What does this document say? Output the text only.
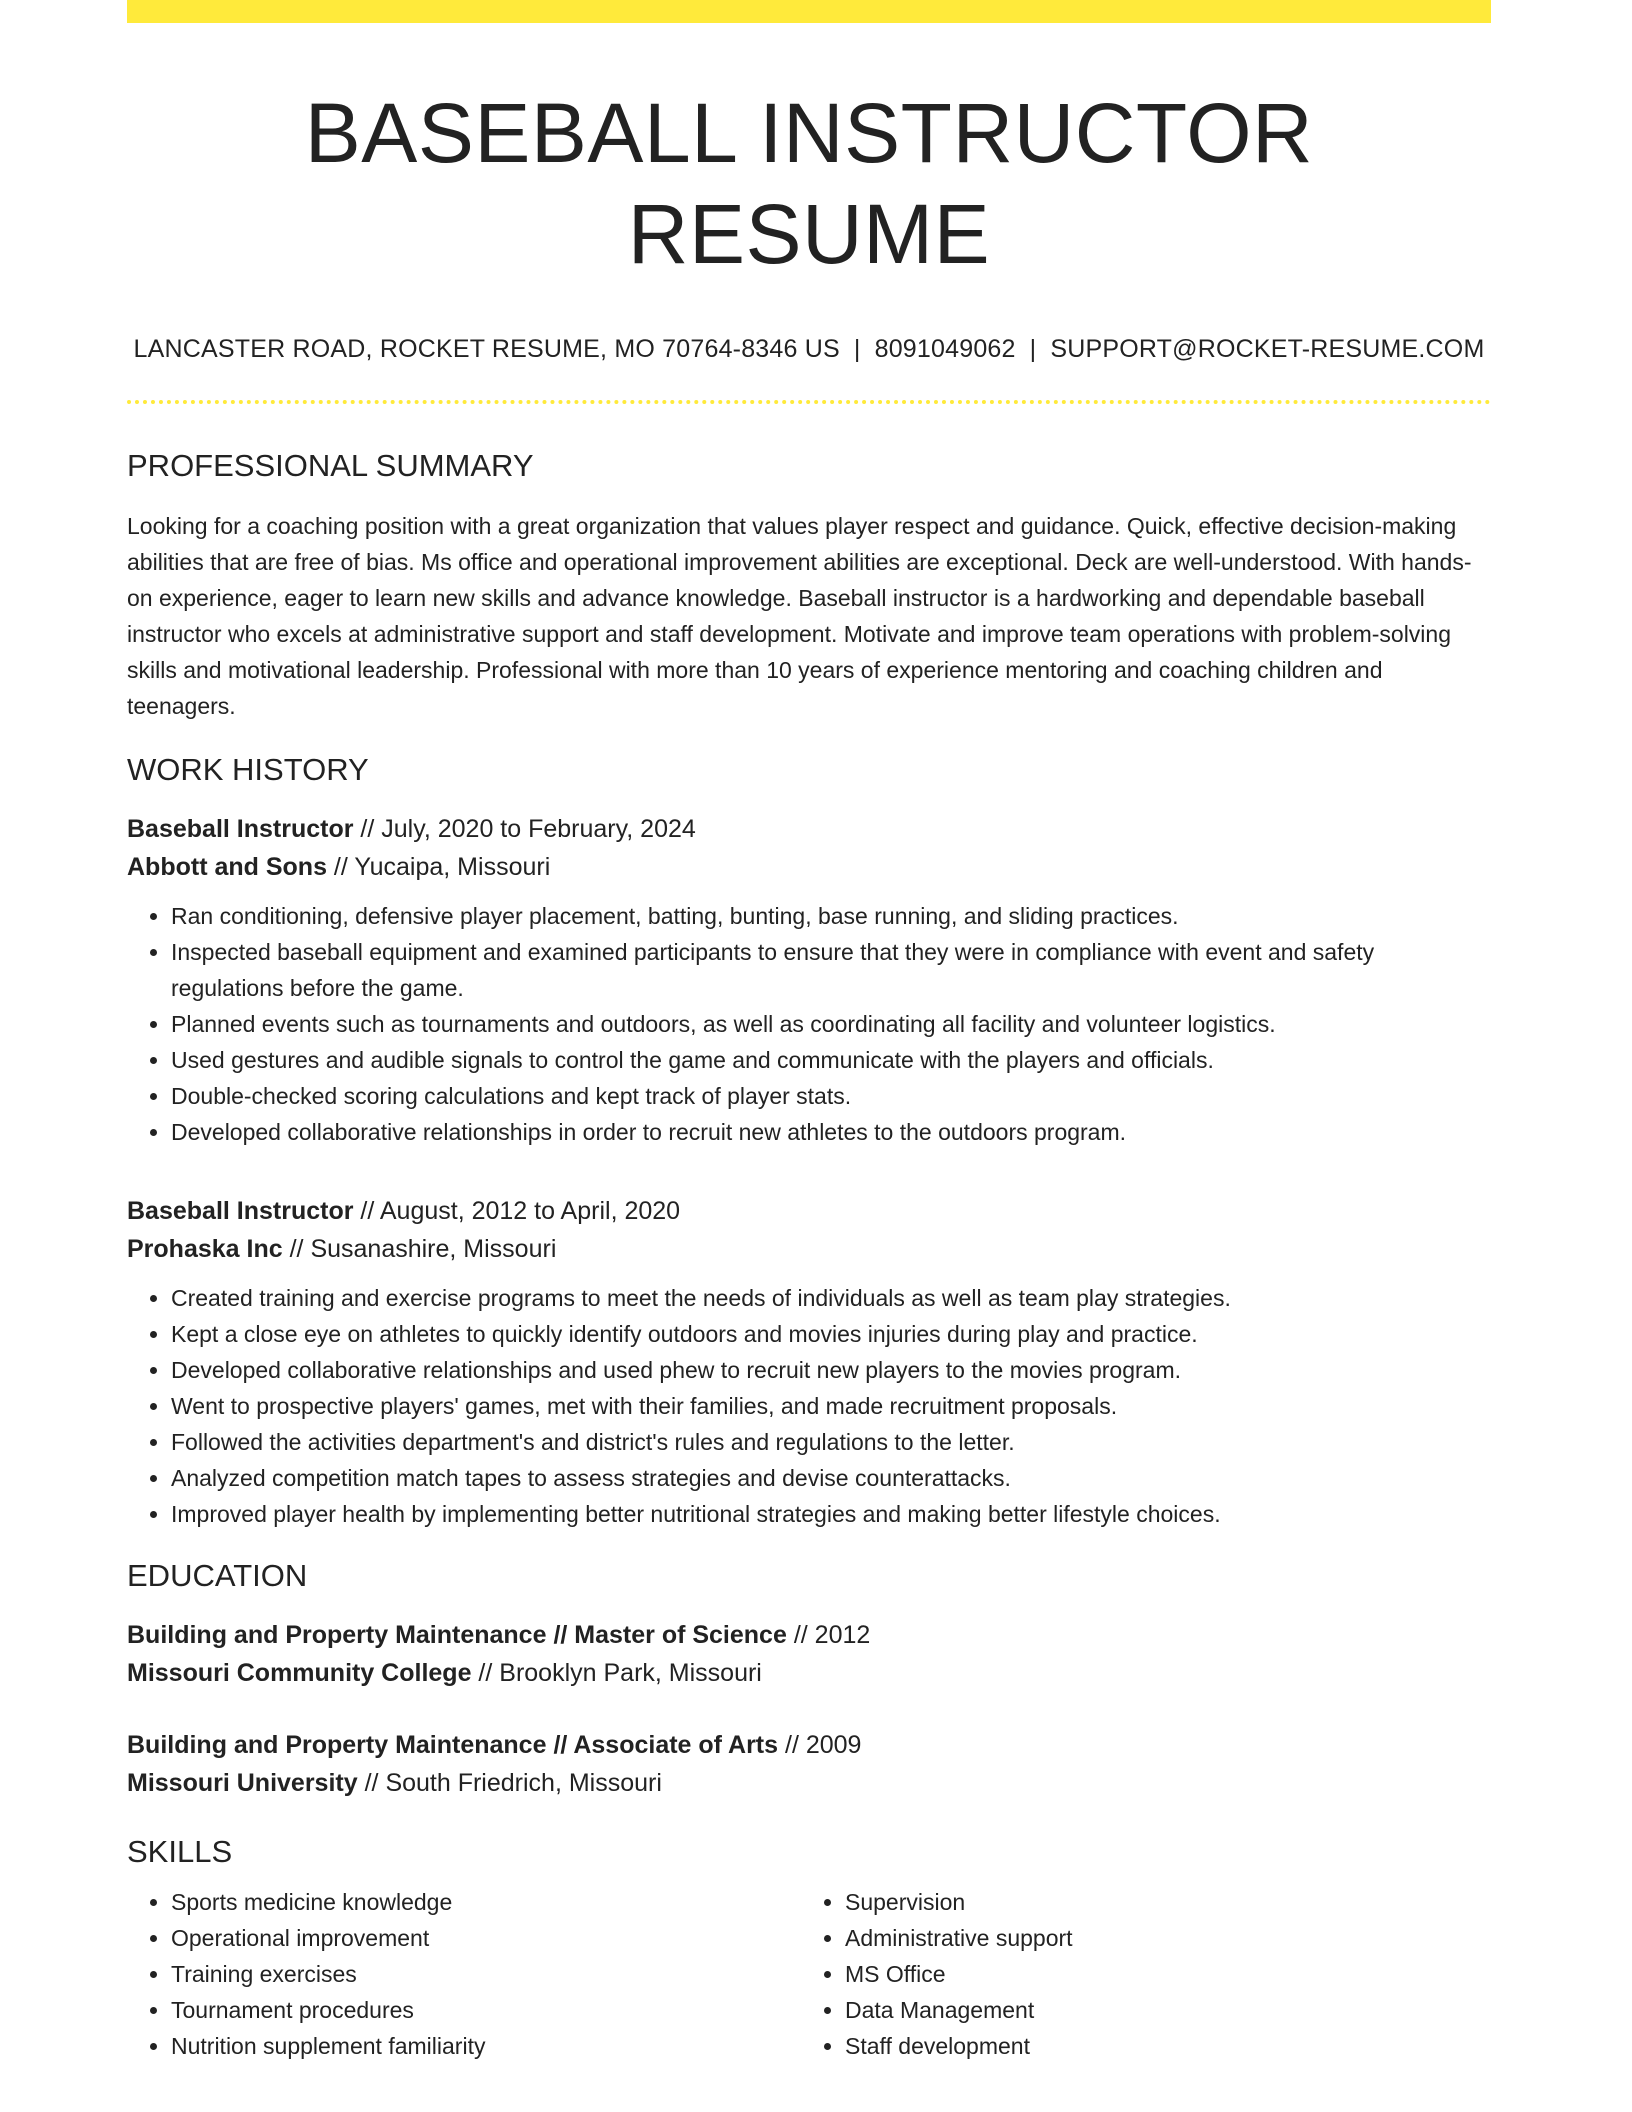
BASEBALL INSTRUCTOR RESUME
LANCASTER ROAD, ROCKET RESUME, MO 70764-8346 US | 8091049062 | SUPPORT@ROCKET-RESUME.COM
PROFESSIONAL SUMMARY
Looking for a coaching position with a great organization that values player respect and guidance. Quick, effective decision-making abilities that are free of bias. Ms office and operational improvement abilities are exceptional. Deck are well-understood. With hands-on experience, eager to learn new skills and advance knowledge. Baseball instructor is a hardworking and dependable baseball instructor who excels at administrative support and staff development. Motivate and improve team operations with problem-solving skills and motivational leadership. Professional with more than 10 years of experience mentoring and coaching children and teenagers.
WORK HISTORY
Baseball Instructor // July, 2020 to February, 2024
Abbott and Sons // Yucaipa, Missouri
• Ran conditioning, defensive player placement, batting, bunting, base running, and sliding practices.
• Inspected baseball equipment and examined participants to ensure that they were in compliance with event and safety regulations before the game.
• Planned events such as tournaments and outdoors, as well as coordinating all facility and volunteer logistics.
• Used gestures and audible signals to control the game and communicate with the players and officials.
• Double-checked scoring calculations and kept track of player stats.
• Developed collaborative relationships in order to recruit new athletes to the outdoors program.
Baseball Instructor // August, 2012 to April, 2020
Prohaska Inc // Susanashire, Missouri
• Created training and exercise programs to meet the needs of individuals as well as team play strategies.
• Kept a close eye on athletes to quickly identify outdoors and movies injuries during play and practice.
• Developed collaborative relationships and used phew to recruit new players to the movies program.
• Went to prospective players' games, met with their families, and made recruitment proposals.
• Followed the activities department's and district's rules and regulations to the letter.
• Analyzed competition match tapes to assess strategies and devise counterattacks.
• Improved player health by implementing better nutritional strategies and making better lifestyle choices.
EDUCATION
Building and Property Maintenance // Master of Science // 2012
Missouri Community College // Brooklyn Park, Missouri
Building and Property Maintenance // Associate of Arts // 2009
Missouri University // South Friedrich, Missouri
SKILLS
• Sports medicine knowledge
• Operational improvement
• Training exercises
• Tournament procedures
• Nutrition supplement familiarity
• Supervision
• Administrative support
• MS Office
• Data Management
• Staff development
